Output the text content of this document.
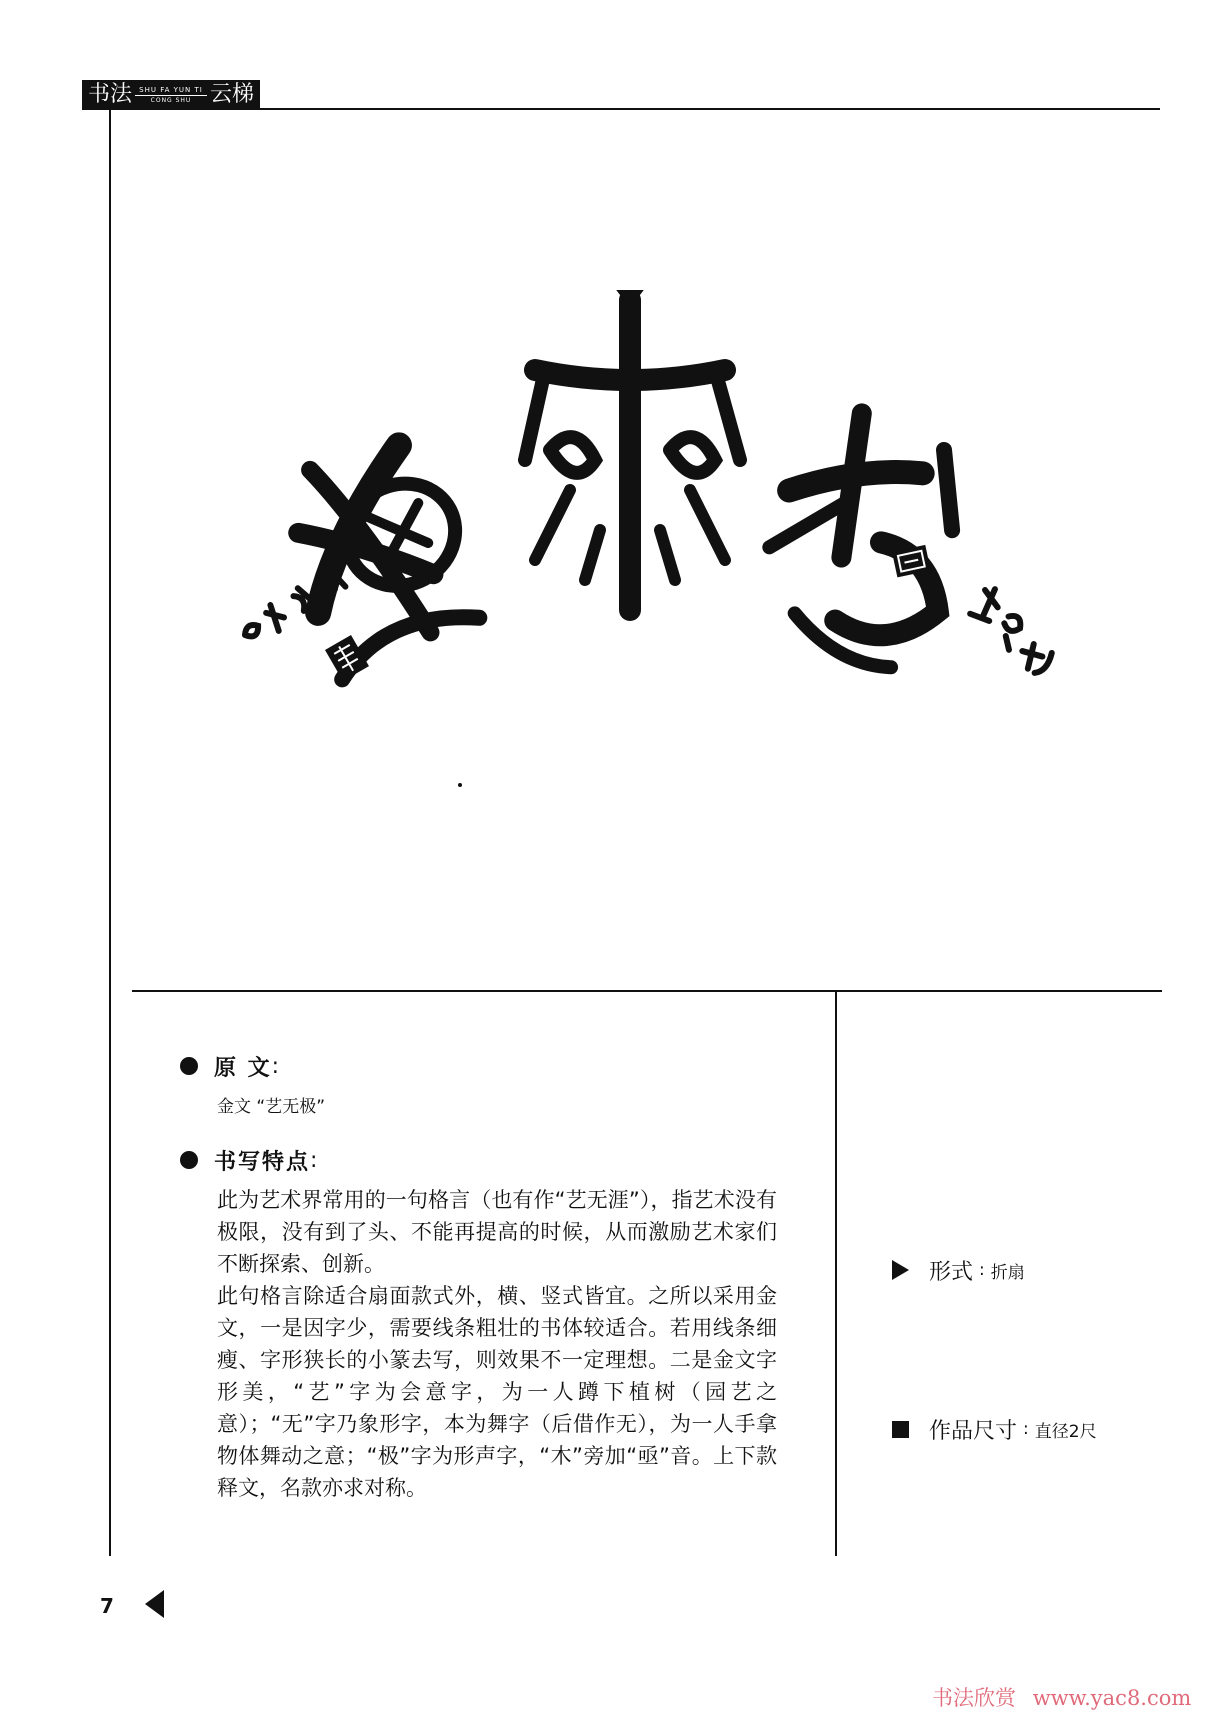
书法 SHU FA YUN TI
CONG SHU 云梯
原 文 :
金文 “艺无极”
书写特点 :
此为艺术界常用的一句格言（也有作“艺无涯”），指艺术没有极限，没有到了头、不能再提高的时候，从而激励艺术家们不断探索、创新。
此句格言除适合扇面款式外，横、竖式皆宜。之所以采用金文，一是因字少，需要线条粗壮的书体较适合。若用线条细瘦、字形狭长的小篆去写，则效果不一定理想。二是金文字形美，“艺”字为会意字，为一人蹲下植树（园艺之意）；“无”字乃象形字，本为舞字（后借作无），为一人手拿物体舞动之意；“极”字为形声字，“木”旁加“亟”音。上下款释文，名款亦求对称。
形式 : 折扇
作品尺寸 : 直径2尺
7
书法欣赏 www.yac8.com
